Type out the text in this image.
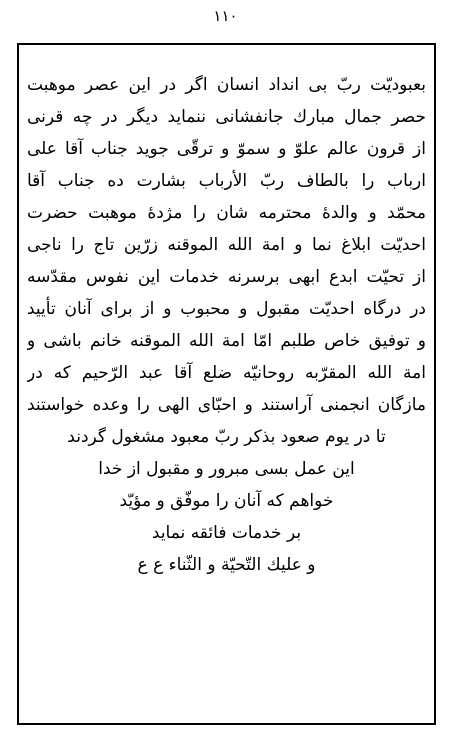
۱۱۰
بعبوديّت ربّ بى انداد انسان اگر در اين عصر موهبت
حصر جمال مبارك جانفشانى ننمايد ديگر در چه قرنى
از قرون عالم علوّ و سموّ و ترقّى جويد جناب آقا على
ارباب را بالطاف ربّ الأرباب بشارت ده جناب آقا
محمّد و والدهٔ محترمه شان را مژدهٔ موهبت حضرت
احديّت ابلاغ نما و امة الله الموقنه زرّين تاج را ناجى
از تحيّت ابدع ابهى برسرنه خدمات اين نفوس مقدّسه
در درگاه احديّت مقبول و محبوب و از براى آنان تأييد
و توفيق خاص طلبم امّا امة الله الموقنه خانم باشى و
امة الله المقرّبه روحانيّه ضلع آقا عبد الرّحيم كه در
مازگان انجمنى آراستند و احبّاى الهى را وعده خواستند
تا در يوم صعود بذكر ربّ معبود مشغول گردند
اين عمل بسى مبرور و مقبول از خدا
خواهم كه آنان را موفّق و مؤيّد
بر خدمات فائقه نمايد
و عليك التّحيّة و الثّناء ع ع
